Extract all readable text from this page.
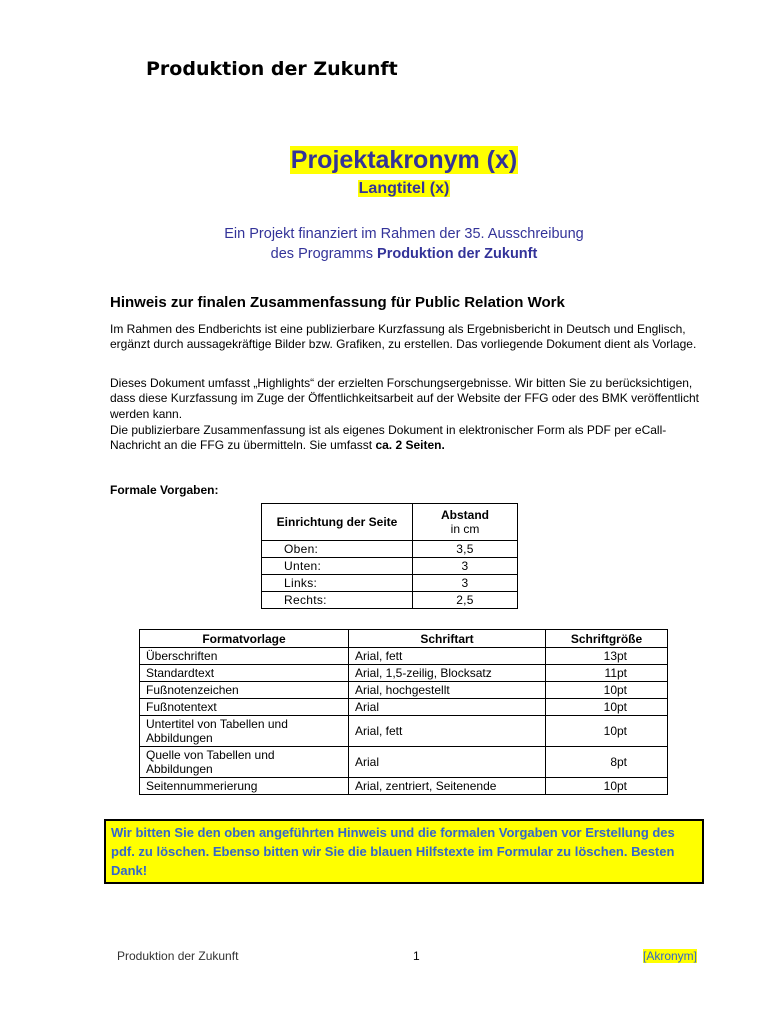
Produktion der Zukunft
Projektakronym (x)
Langtitel (x)
Ein Projekt finanziert im Rahmen der 35. Ausschreibung
des Programms Produktion der Zukunft
Hinweis zur finalen Zusammenfassung für Public Relation Work
Im Rahmen des Endberichts ist eine publizierbare Kurzfassung als Ergebnisbericht in Deutsch und Englisch, ergänzt durch aussagekräftige Bilder bzw. Grafiken, zu erstellen. Das vorliegende Dokument dient als Vorlage.
Dieses Dokument umfasst „Highlights“ der erzielten Forschungsergebnisse. Wir bitten Sie zu berücksichtigen, dass diese Kurzfassung im Zuge der Öffentlichkeitsarbeit auf der Website der FFG oder des BMK veröffentlicht werden kann.
Die publizierbare Zusammenfassung ist als eigenes Dokument in elektronischer Form als PDF per eCall-Nachricht an die FFG zu übermitteln. Sie umfasst ca. 2 Seiten.
Formale Vorgaben:
Einrichtung der Seite	Abstand
in cm

Oben:	3,5
Unten:	3
Links:	3
Rechts:	2,5
Formatvorlage	Schriftart	Schriftgröße
Überschriften	Arial, fett	13pt
Standardtext	Arial, 1,5-zeilig, Blocksatz	11pt
Fußnotenzeichen	Arial, hochgestellt	10pt
Fußnotentext	Arial	10pt
Untertitel von Tabellen und Abbildungen	Arial, fett	10pt
Quelle von Tabellen und Abbildungen	Arial	8pt
Seitennummerierung	Arial, zentriert, Seitenende	10pt
Wir bitten Sie den oben angeführten Hinweis und die formalen Vorgaben vor Erstellung des pdf. zu löschen. Ebenso bitten wir Sie die blauen Hilfstexte im Formular zu löschen. Besten Dank!
Produktion der Zukunft	1	[Akronym]
